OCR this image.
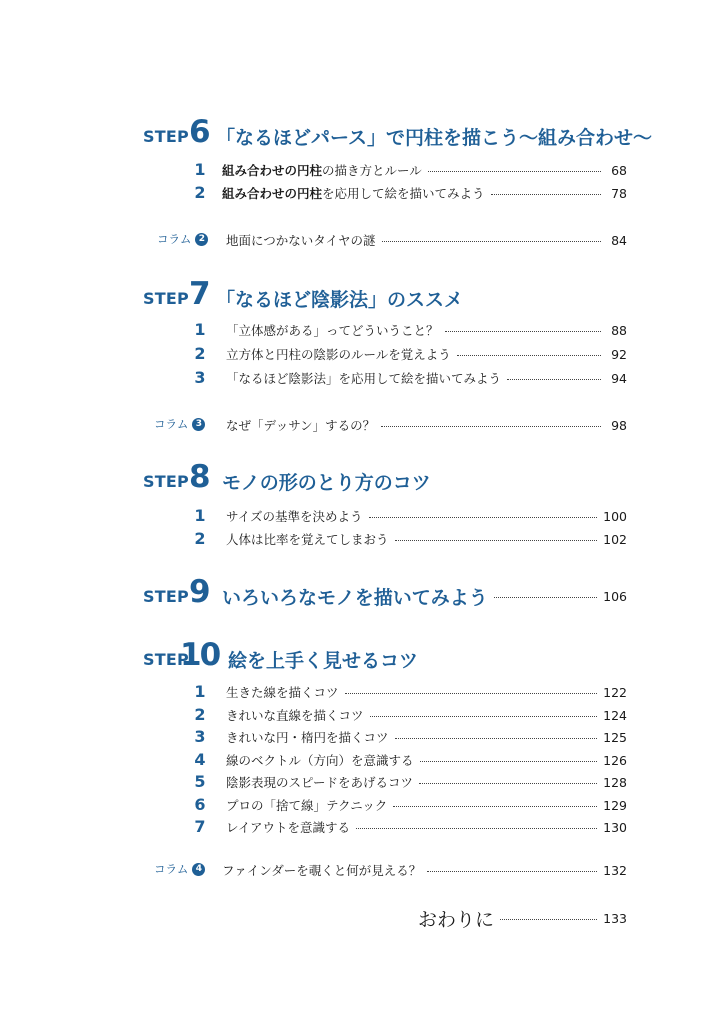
STEP 6 「なるほどパース」で円柱を描こう〜組み合わせ〜
1 組み合わせの円柱の描き方とルール	68
2 組み合わせの円柱を応用して絵を描いてみよう	78
コラム 2 地面につかないタイヤの謎	84
STEP 7 「なるほど陰影法」のススメ
1 「立体感がある」ってどういうこと？	88
2 立方体と円柱の陰影のルールを覚えよう	92
3 「なるほど陰影法」を応用して絵を描いてみよう	94
コラム 3 なぜ「デッサン」するの？	98
STEP 8 モノの形のとり方のコツ
1 サイズの基準を決めよう	100
2 人体は比率を覚えてしまおう	102
STEP 9 いろいろなモノを描いてみよう	106
STEP
10 絵を上手く見せるコツ
1 生きた線を描くコツ	122
2 きれいな直線を描くコツ	124
3 きれいな円・楕円を描くコツ	125
4 線のベクトル（方向）を意識する	126
5 陰影表現のスピードをあげるコツ	128
6 プロの「捨て線」テクニック	129
7 レイアウトを意識する	130
コラム 4 ファインダーを覗くと何が見える？	132
おわりに	133
